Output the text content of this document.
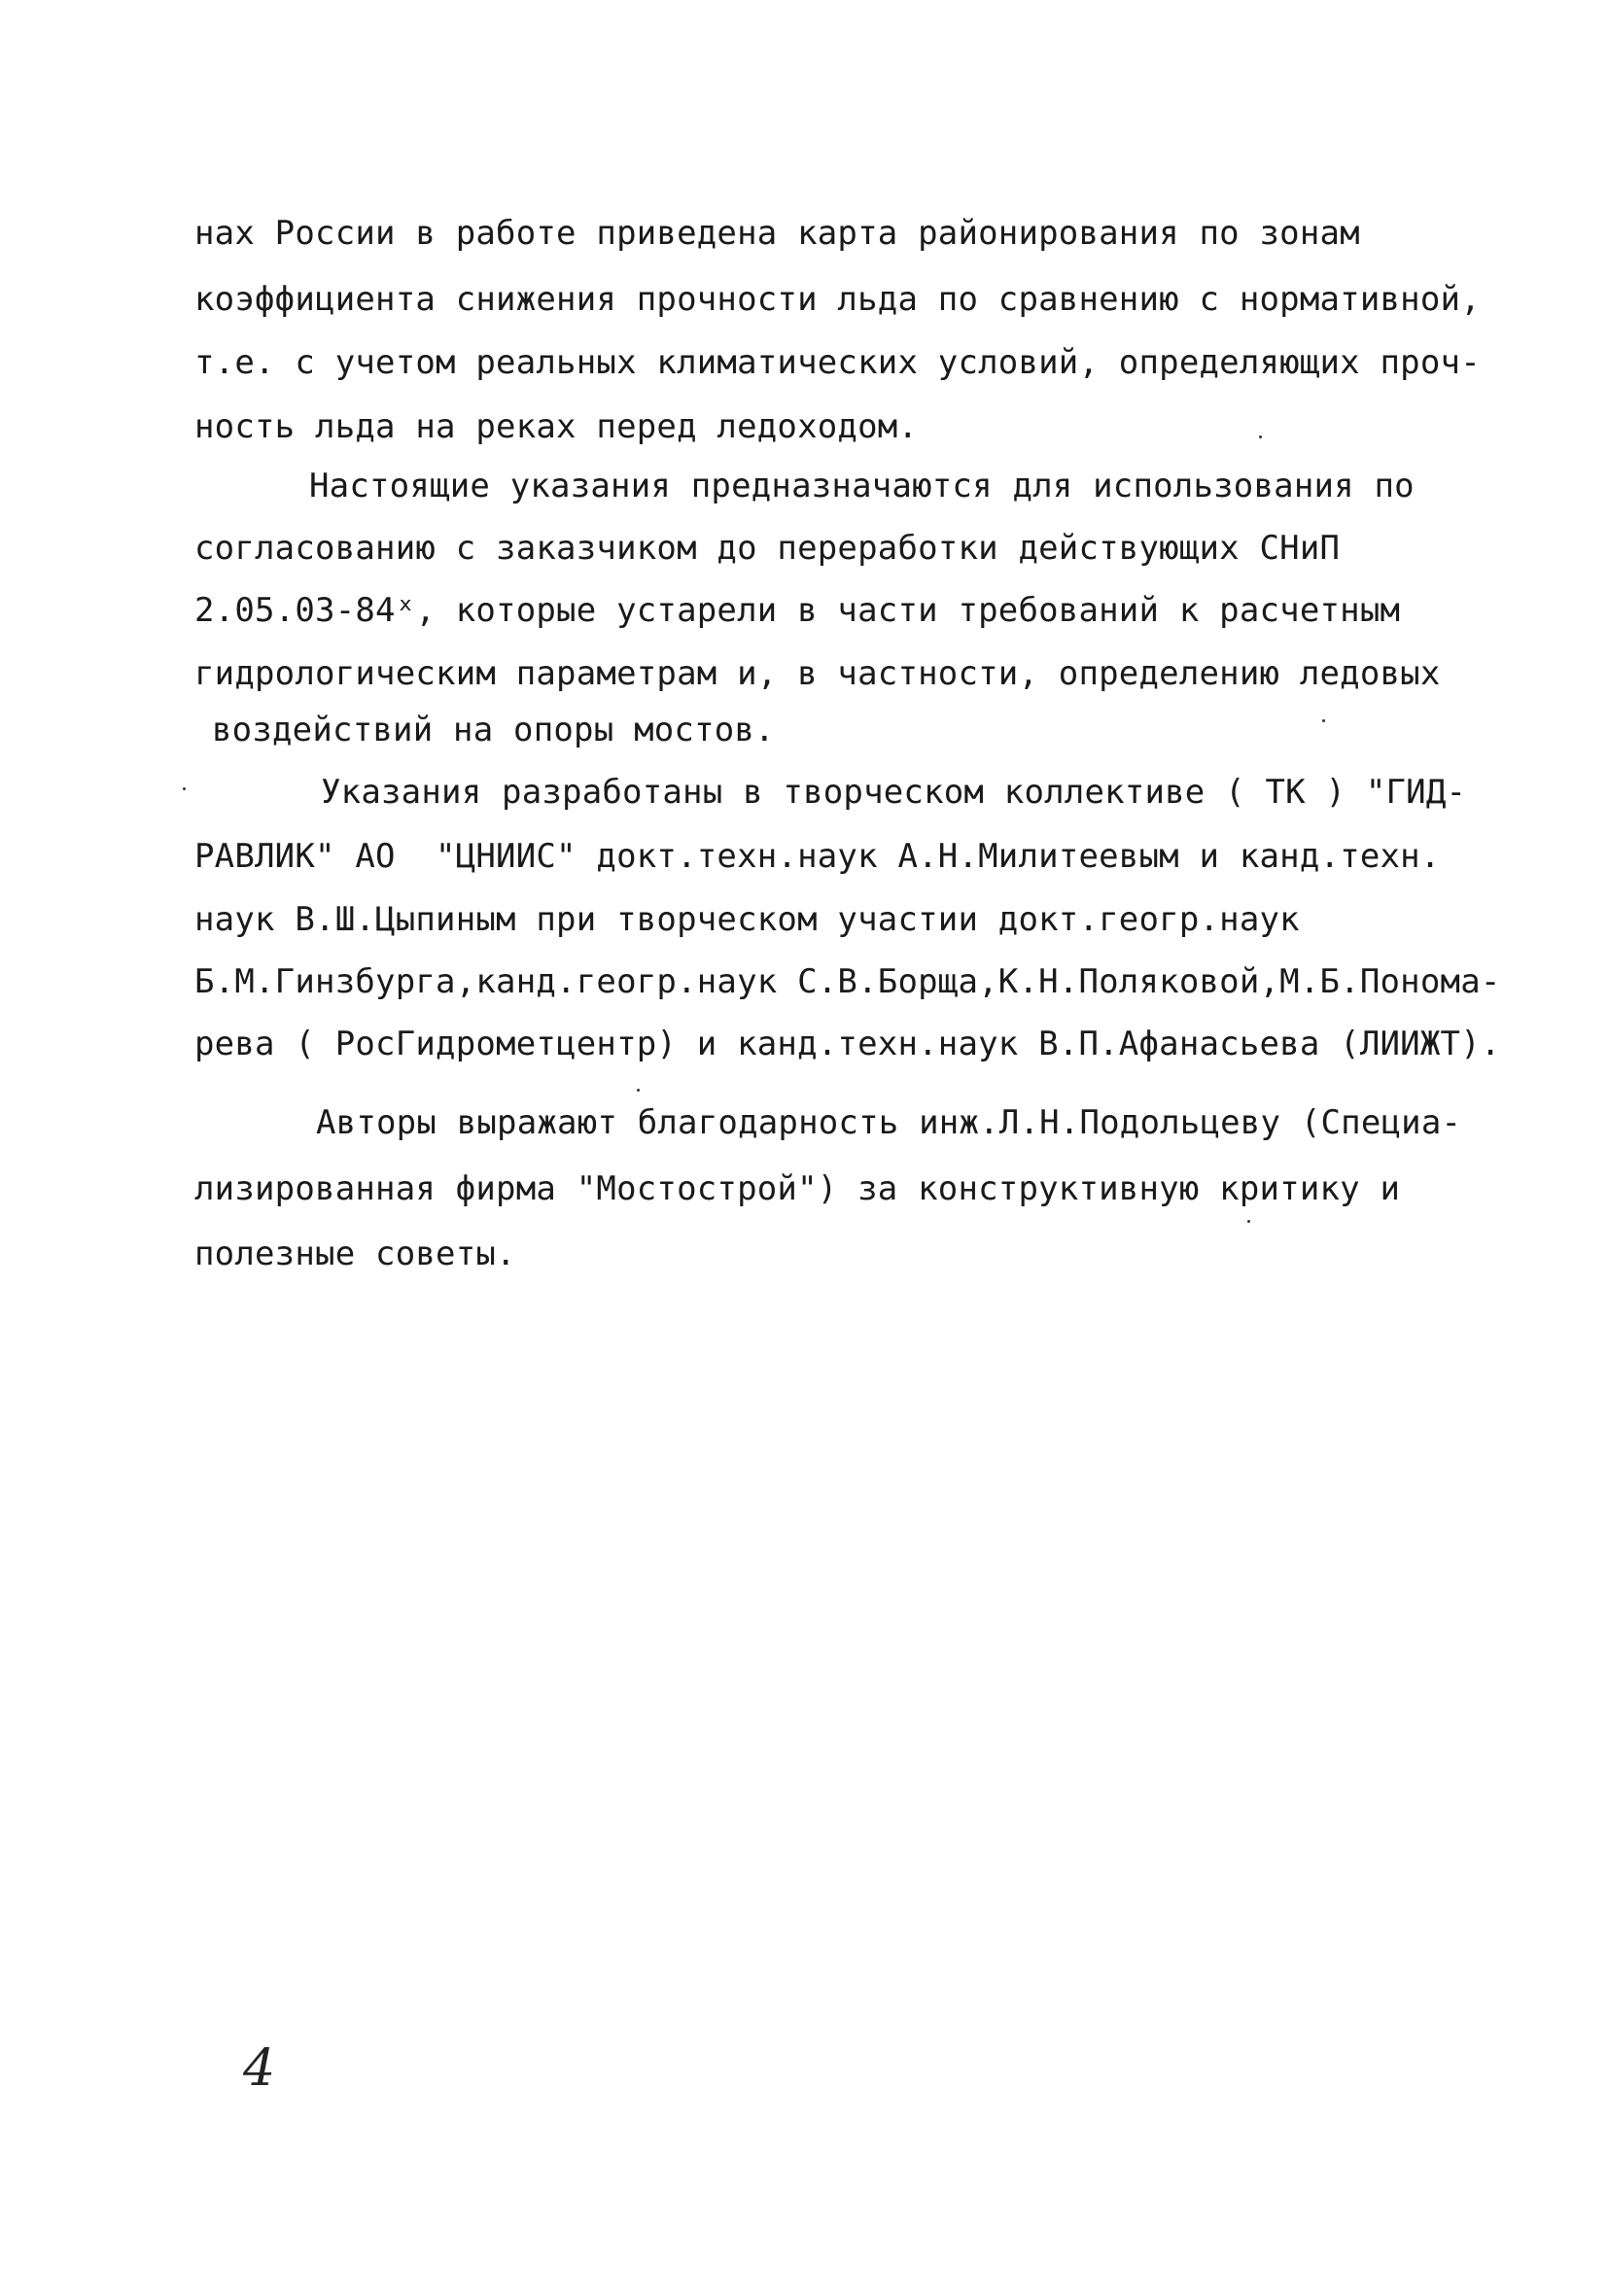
нах России в работе приведена карта районирования по зонам
коэффициента снижения прочности льда по сравнению с нормативной,
т.е. с учетом реальных климатических условий, определяющих проч-
ность льда на реках перед ледоходом.
Настоящие указания предназначаются для использования по
согласованию с заказчиком до переработки действующих СНиП
2.05.03-84ˣ, которые устарели в части требований к расчетным
гидрологическим параметрам и, в частности, определению ледовых
воздействий на опоры мостов.
Указания разработаны в творческом коллективе ( ТК ) "ГИД-
РАВЛИК" АО  "ЦНИИС" докт.техн.наук А.Н.Милитеевым и канд.техн.
наук В.Ш.Цыпиным при творческом участии докт.геогр.наук
Б.М.Гинзбурга,канд.геогр.наук С.В.Борща,К.Н.Поляковой,М.Б.Понома-
рева ( РосГидрометцентр) и канд.техн.наук В.П.Афанасьева (ЛИИЖТ).
Авторы выражают благодарность инж.Л.Н.Подольцеву (Специа-
лизированная фирма "Мостострой") за конструктивную критику и
полезные советы.
4
